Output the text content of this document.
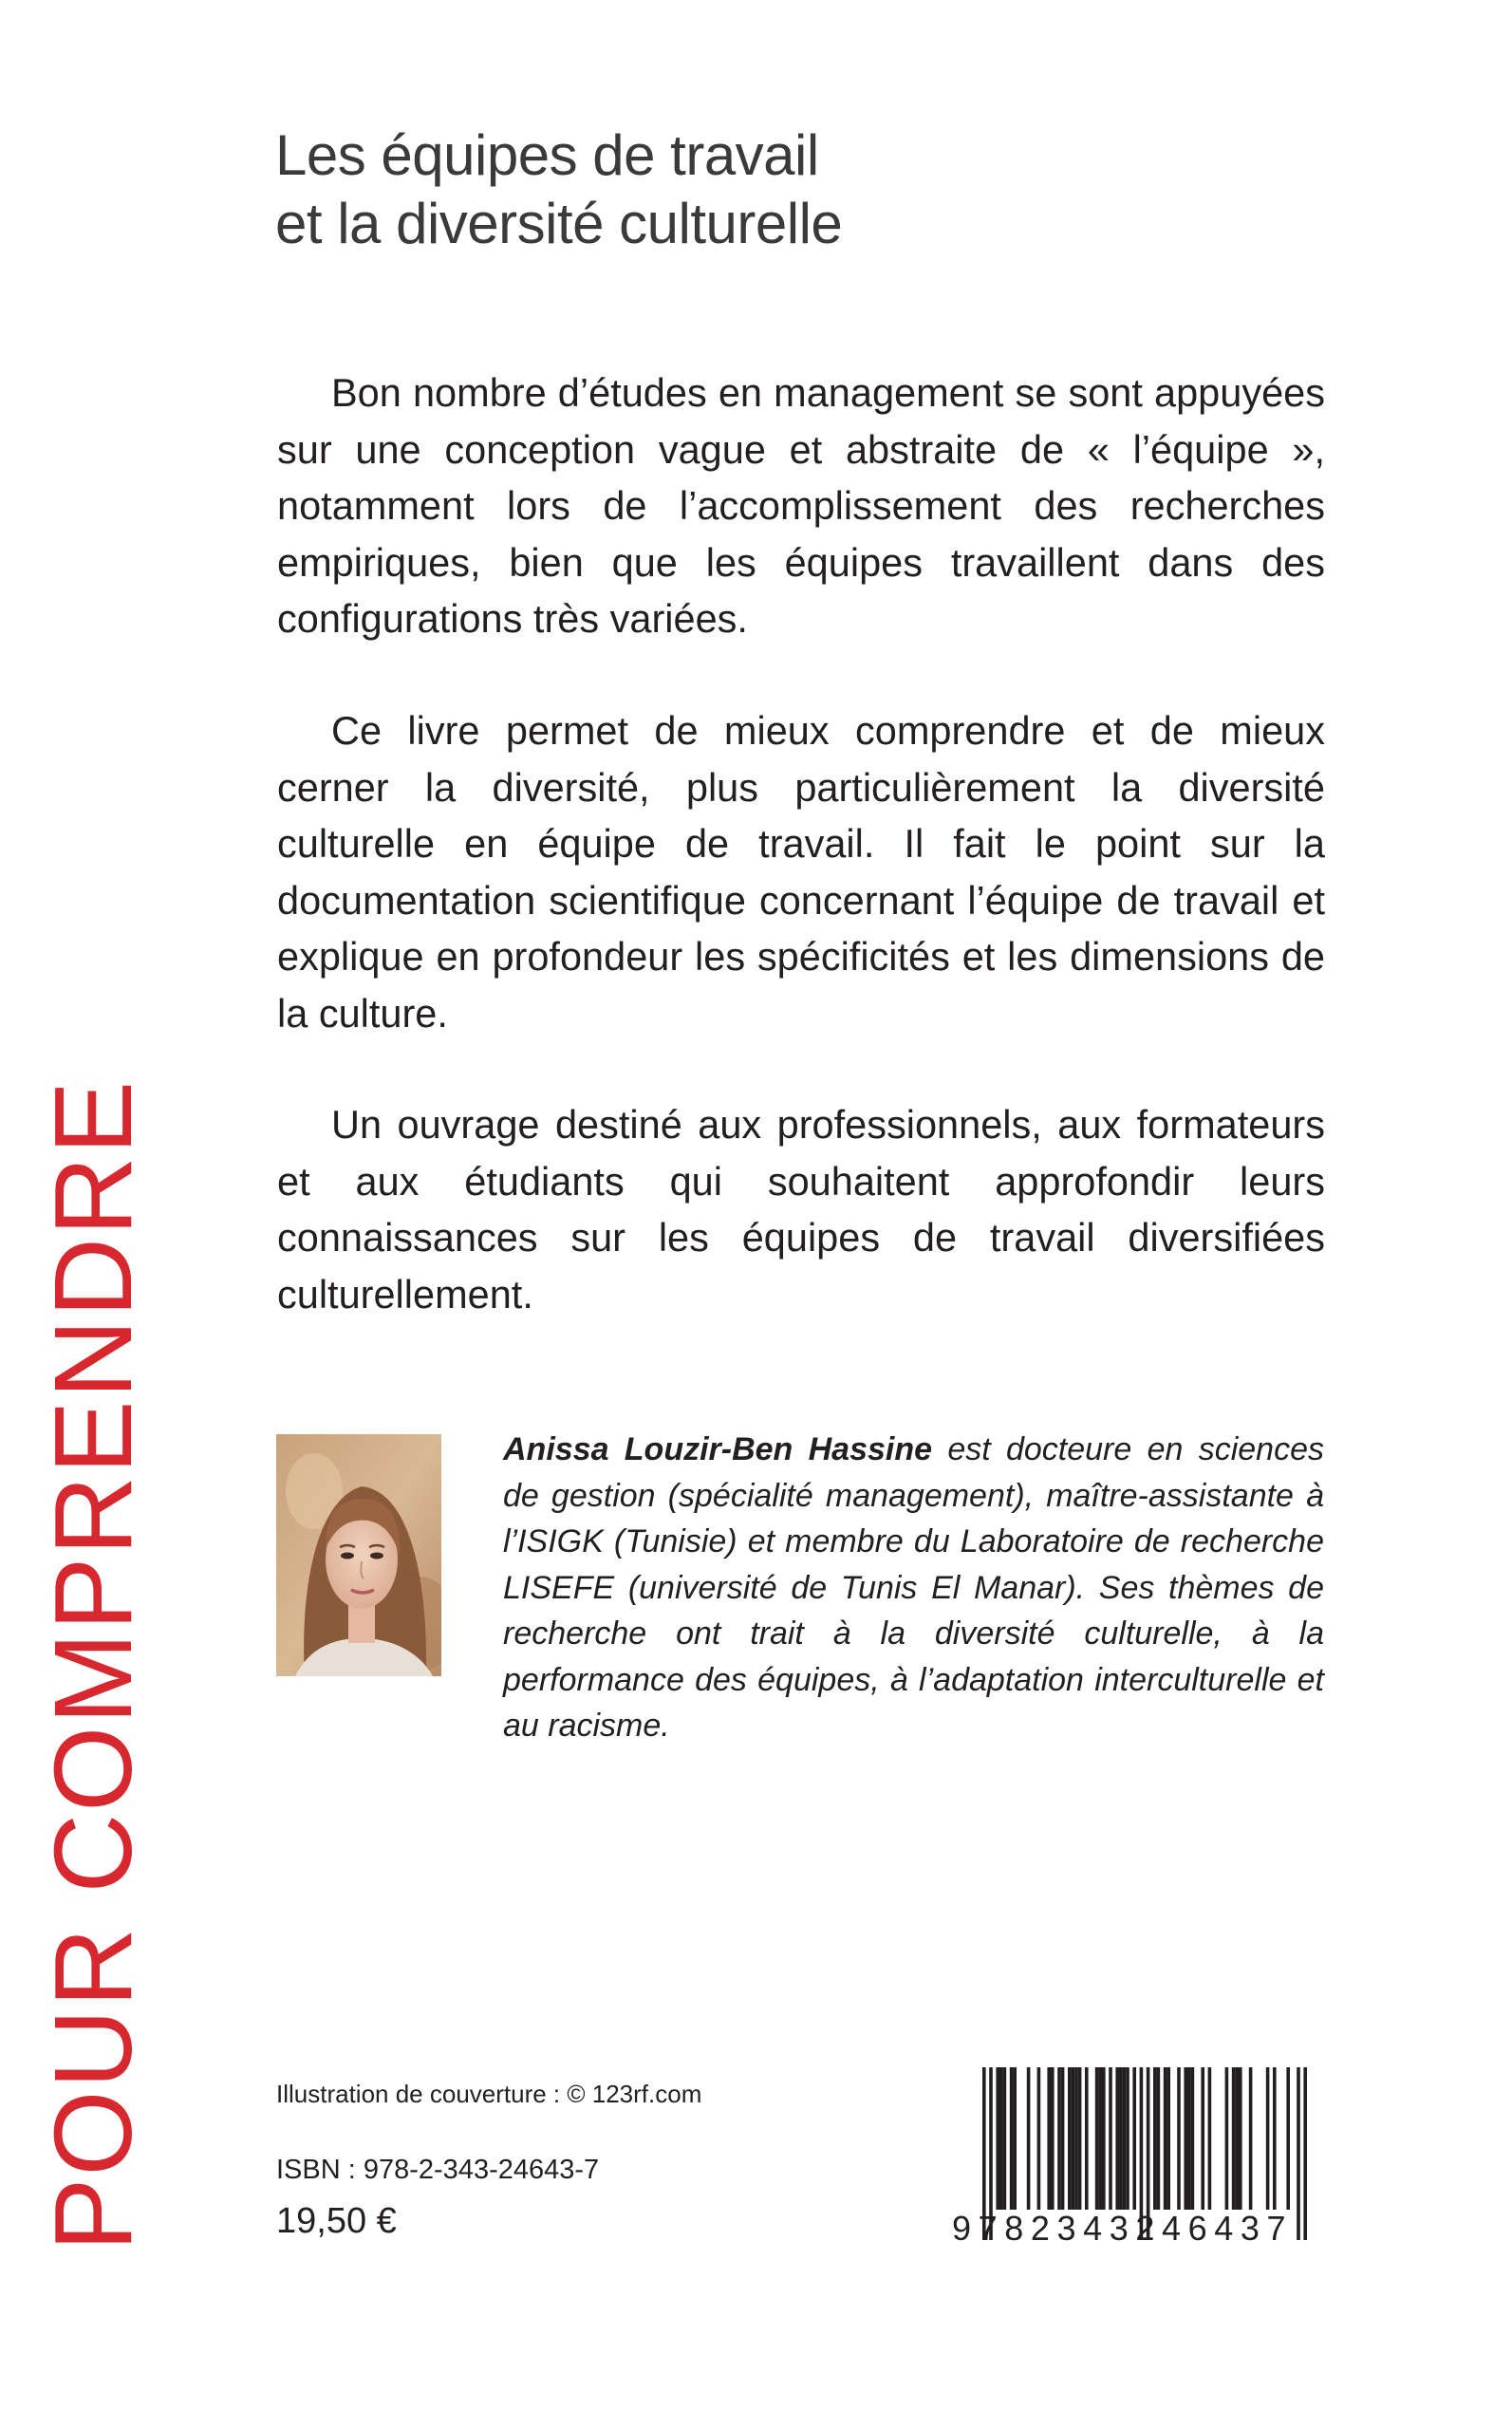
POUR COMPRENDRE
Les équipes de travail
et la diversité culturelle

Bon nombre d’études en management se sont appuyées sur une conception vague et abstraite de « l’équipe », notamment lors de l’accomplissement des recherches empiriques, bien que les équipes travaillent dans des configurations très variées.

Ce livre permet de mieux comprendre et de mieux cerner la diversité, plus particulièrement la diversité culturelle en équipe de travail. Il fait le point sur la documentation scientifique concernant l’équipe de travail et explique en profondeur les spécificités et les dimensions de la culture.

Un ouvrage destiné aux professionnels, aux formateurs et aux étudiants qui souhaitent approfondir leurs connaissances sur les équipes de travail diversifiées culturellement.

Anissa Louzir-Ben Hassine est docteure en sciences de gestion (spécialité management), maître-assistante à l’ISIGK (Tunisie) et membre du Laboratoire de recherche LISEFE (université de Tunis El Manar). Ses thèmes de recherche ont trait à la diversité culturelle, à la performance des équipes, à l’adaptation interculturelle et au racisme.
Illustration de couverture : © 123rf.com
ISBN : 978-2-343-24643-7
19,50 €	9782343246437
